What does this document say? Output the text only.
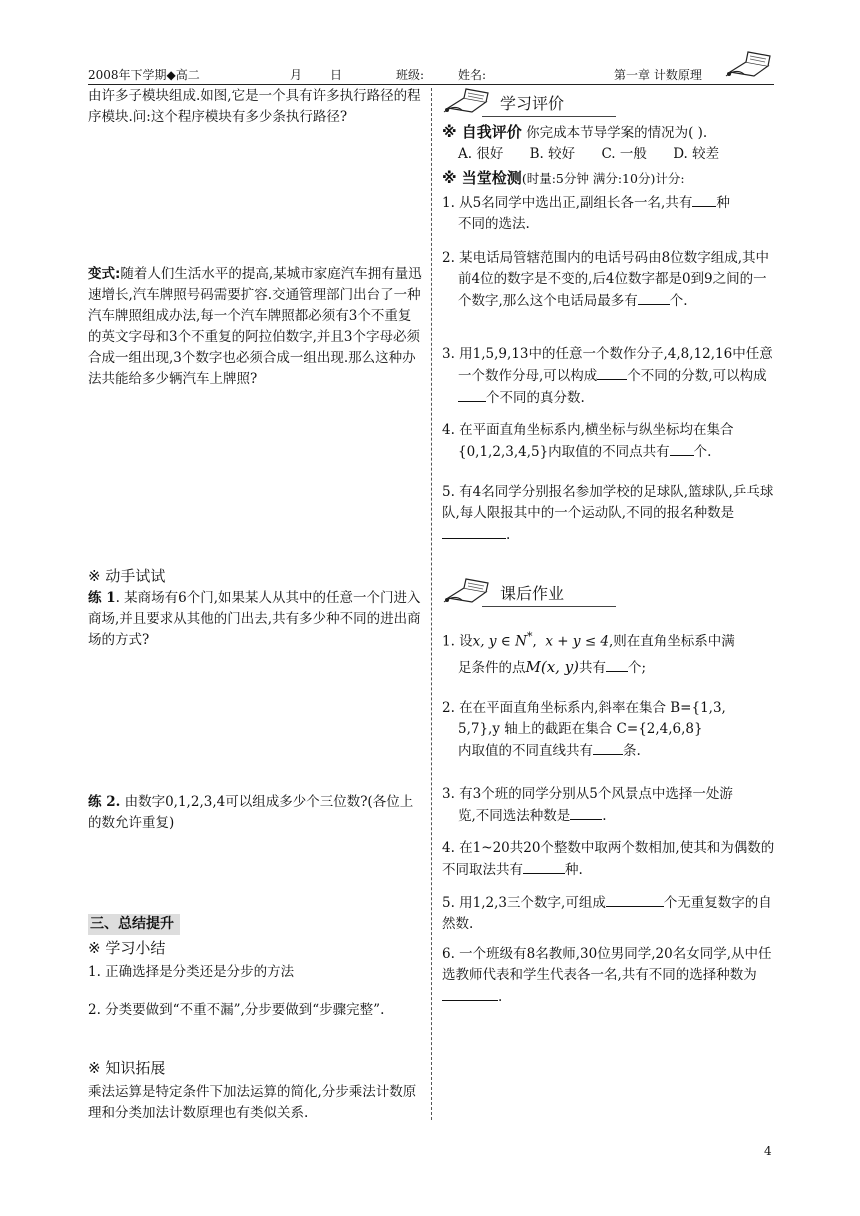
2008年下学期◆高二	月 日	班级:	姓名:	第一章 计数原理
由许多子模块组成.如图,它是一个具有许多执行路径的程序模块.问:这个程序模块有多少条执行路径?
变式:随着人们生活水平的提高,某城市家庭汽车拥有量迅速增长,汽车牌照号码需要扩容.交通管理部门出台了一种汽车牌照组成办法,每一个汽车牌照都必须有3个不重复的英文字母和3个不重复的阿拉伯数字,并且3个字母必须合成一组出现,3个数字也必须合成一组出现.那么这种办法共能给多少辆汽车上牌照?
※ 动手试试
练 1. 某商场有6个门,如果某人从其中的任意一个门进入商场,并且要求从其他的门出去,共有多少种不同的进出商场的方式?
练 2. 由数字0,1,2,3,4可以组成多少个三位数?(各位上的数允许重复)
三、总结提升
※ 学习小结
1. 正确选择是分类还是分步的方法
2. 分类要做到“不重不漏”,分步要做到“步骤完整”.
※ 知识拓展
乘法运算是特定条件下加法运算的简化,分步乘法计数原理和分类加法计数原理也有类似关系.
学习评价
※ 自我评价 你完成本节导学案的情况为( ).
A. 很好 B. 较好 C. 一般 D. 较差
※ 当堂检测(时量:5分钟 满分:10分)计分:
1. 从5名同学中选出正,副组长各一名,共有 种
不同的选法.
2. 某电话局管辖范围内的电话号码由8位数字组成,其中前4位的数字是不变的,后4位数字都是0到9之间的一个数字,那么这个电话局最多有 个.
3. 用1,5,9,13中的任意一个数作分子,4,8,12,16中任意一个数作分母,可以构成 个不同的分数,可以构成个不同的真分数.
4. 在平面直角坐标系内,横坐标与纵坐标均在集合
{0,1,2,3,4,5}内取值的不同点共有 个.
5. 有4名同学分别报名参加学校的足球队,篮球队,乒乓球队,每人限报其中的一个运动队,不同的报名种数是.
课后作业
1. 设x, y ∈ N*,  x + y ≤ 4,则在直角坐标系中满
足条件的点M(x, y)共有 个;
2. 在在平面直角坐标系内,斜率在集合 B={1,3,
5,7},y 轴上的截距在集合 C={2,4,6,8}
内取值的不同直线共有 条.
3. 有3个班的同学分别从5个风景点中选择一处游
览,不同选法种数是 .
4. 在1~20共20个整数中取两个数相加,使其和为偶数的不同取法共有	种.
5. 用1,2,3三个数字,可组成	个无重复数字的自然数.
6. 一个班级有8名教师,30位男同学,20名女同学,从中任选教师代表和学生代表各一名,共有不同的选择种数为.
4
